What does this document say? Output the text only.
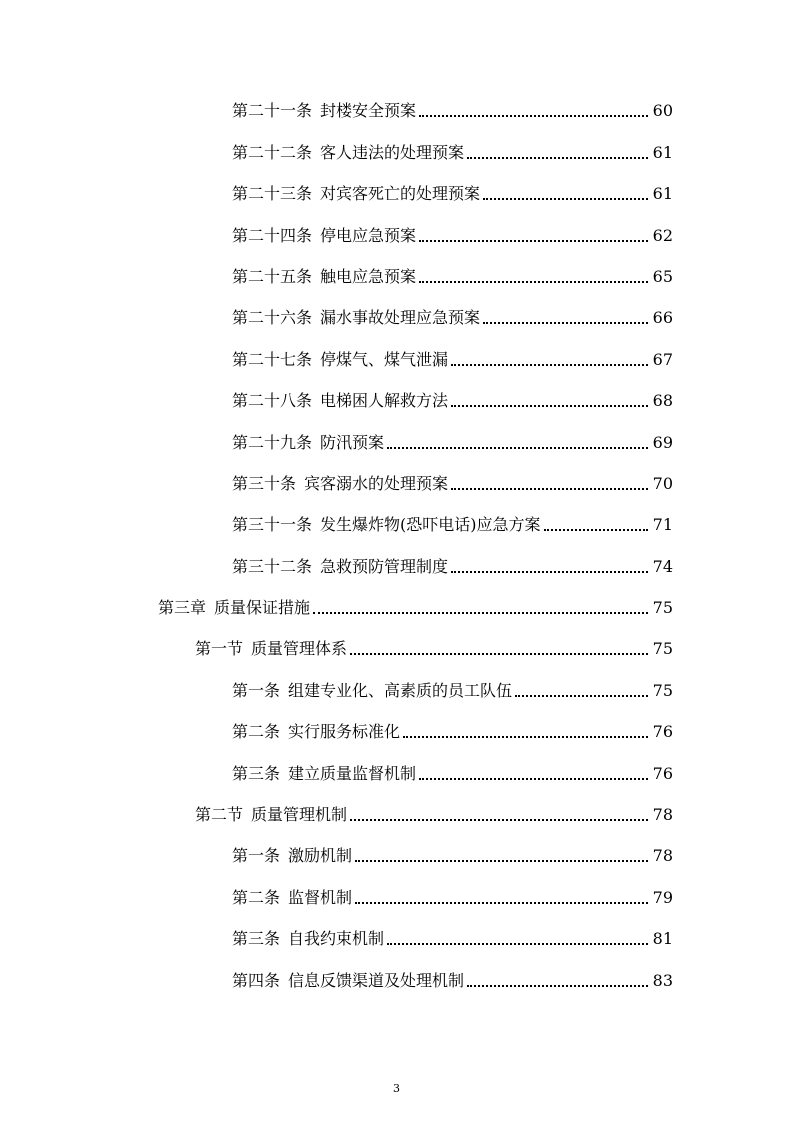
第二十一条 封楼安全预案	60
第二十二条 客人违法的处理预案	61
第二十三条 对宾客死亡的处理预案	61
第二十四条 停电应急预案	62
第二十五条 触电应急预案	65
第二十六条 漏水事故处理应急预案	66
第二十七条 停煤气、煤气泄漏	67
第二十八条 电梯困人解救方法	68
第二十九条 防汛预案	69
第三十条 宾客溺水的处理预案	70
第三十一条 发生爆炸物(恐吓电话)应急方案	71
第三十二条 急救预防管理制度	74
第三章 质量保证措施	75
第一节 质量管理体系	75
第一条 组建专业化、高素质的员工队伍	75
第二条 实行服务标准化	76
第三条 建立质量监督机制	76
第二节 质量管理机制	78
第一条 激励机制	78
第二条 监督机制	79
第三条 自我约束机制	81
第四条 信息反馈渠道及处理机制	83
3
